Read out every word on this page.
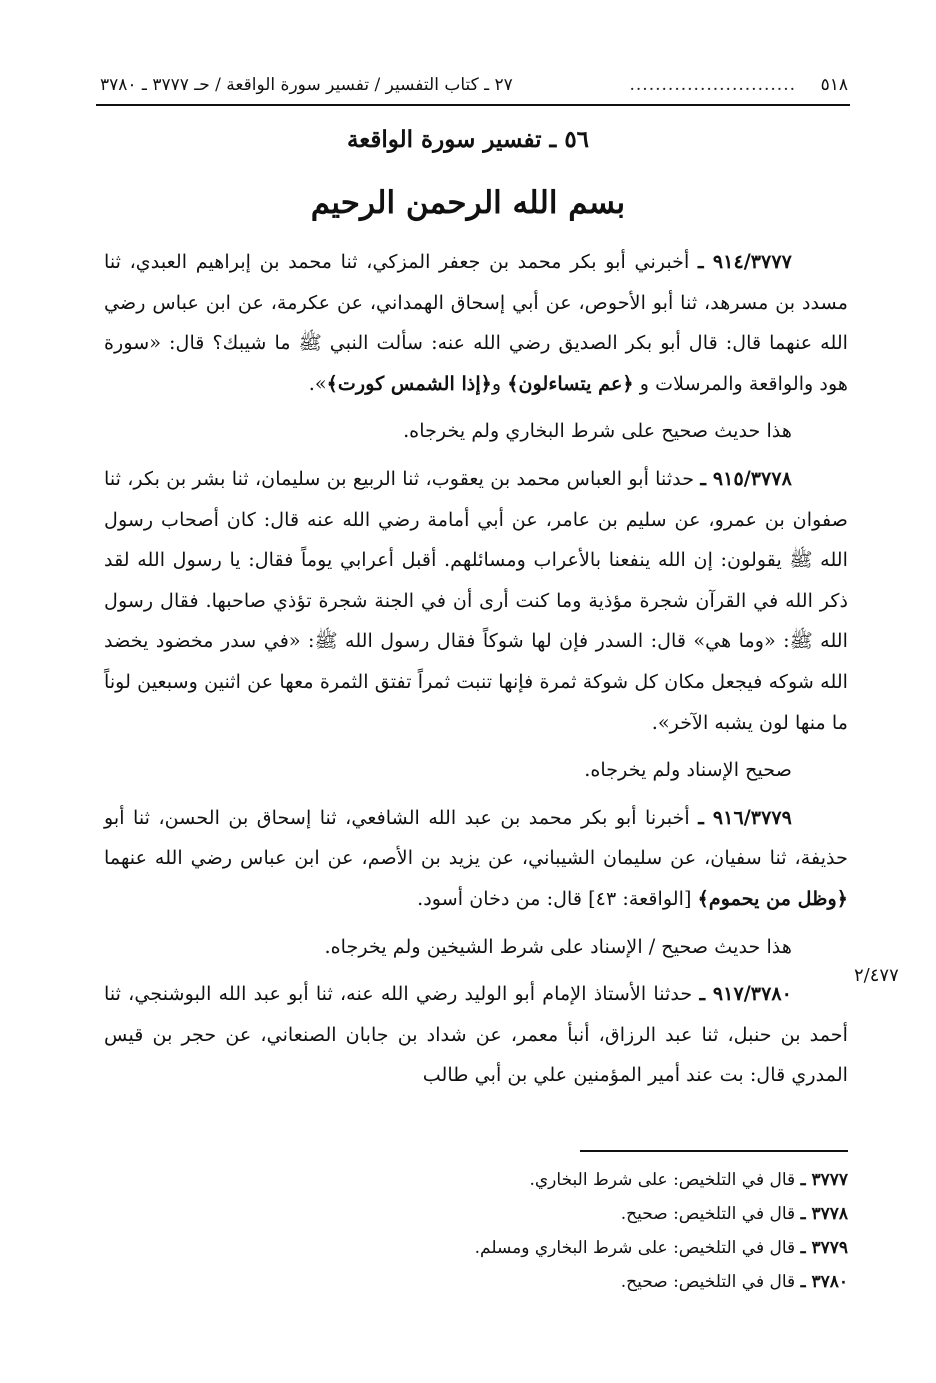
٥١٨
..........................
٢٧ ـ كتاب التفسير / تفسير سورة الواقعة / حـ ٣٧٧٧ ـ ٣٧٨٠
٥٦ ـ تفسير سورة الواقعة
بسم الله الرحمن الرحيم

٩١٤/٣٧٧٧ ـ أخبرني أبو بكر محمد بن جعفر المزكي، ثنا محمد بن إبراهيم العبدي، ثنا مسدد بن مسرهد، ثنا أبو الأحوص، عن أبي إسحاق الهمداني، عن عكرمة، عن ابن عباس رضي الله عنهما قال: قال أبو بكر الصديق رضي الله عنه: سألت النبي ﷺ ما شيبك؟ قال: «سورة هود والواقعة والمرسلات و ﴿عم يتساءلون﴾ و﴿إذا الشمس كورت﴾».

هذا حديث صحيح على شرط البخاري ولم يخرجاه.

٩١٥/٣٧٧٨ ـ حدثنا أبو العباس محمد بن يعقوب، ثنا الربيع بن سليمان، ثنا بشر بن بكر، ثنا صفوان بن عمرو، عن سليم بن عامر، عن أبي أمامة رضي الله عنه قال: كان أصحاب رسول الله ﷺ يقولون: إن الله ينفعنا بالأعراب ومسائلهم. أقبل أعرابي يوماً فقال: يا رسول الله لقد ذكر الله في القرآن شجرة مؤذية وما كنت أرى أن في الجنة شجرة تؤذي صاحبها. فقال رسول الله ﷺ: «وما هي» قال: السدر فإن لها شوكاً فقال رسول الله ﷺ: «في سدر مخضود يخضد الله شوكه فيجعل مكان كل شوكة ثمرة فإنها تنبت ثمراً تفتق الثمرة معها عن اثنين وسبعين لوناً ما منها لون يشبه الآخر».

صحيح الإسناد ولم يخرجاه.

٩١٦/٣٧٧٩ ـ أخبرنا أبو بكر محمد بن عبد الله الشافعي، ثنا إسحاق بن الحسن، ثنا أبو حذيفة، ثنا سفيان، عن سليمان الشيباني، عن يزيد بن الأصم، عن ابن عباس رضي الله عنهما ﴿وظل من يحموم﴾ [الواقعة: ٤٣] قال: من دخان أسود.

هذا حديث صحيح / الإسناد على شرط الشيخين ولم يخرجاه.

٩١٧/٣٧٨٠ ـ حدثنا الأستاذ الإمام أبو الوليد رضي الله عنه، ثنا أبو عبد الله البوشنجي، ثنا أحمد بن حنبل، ثنا عبد الرزاق، أنبأ معمر، عن شداد بن جابان الصنعاني، عن حجر بن قيس المدري قال: بت عند أمير المؤمنين علي بن أبي طالب

٢/٤٧٧
٣٧٧٧ ـ قال في التلخيص: على شرط البخاري.
٣٧٧٨ ـ قال في التلخيص: صحيح.
٣٧٧٩ ـ قال في التلخيص: على شرط البخاري ومسلم.
٣٧٨٠ ـ قال في التلخيص: صحيح.
